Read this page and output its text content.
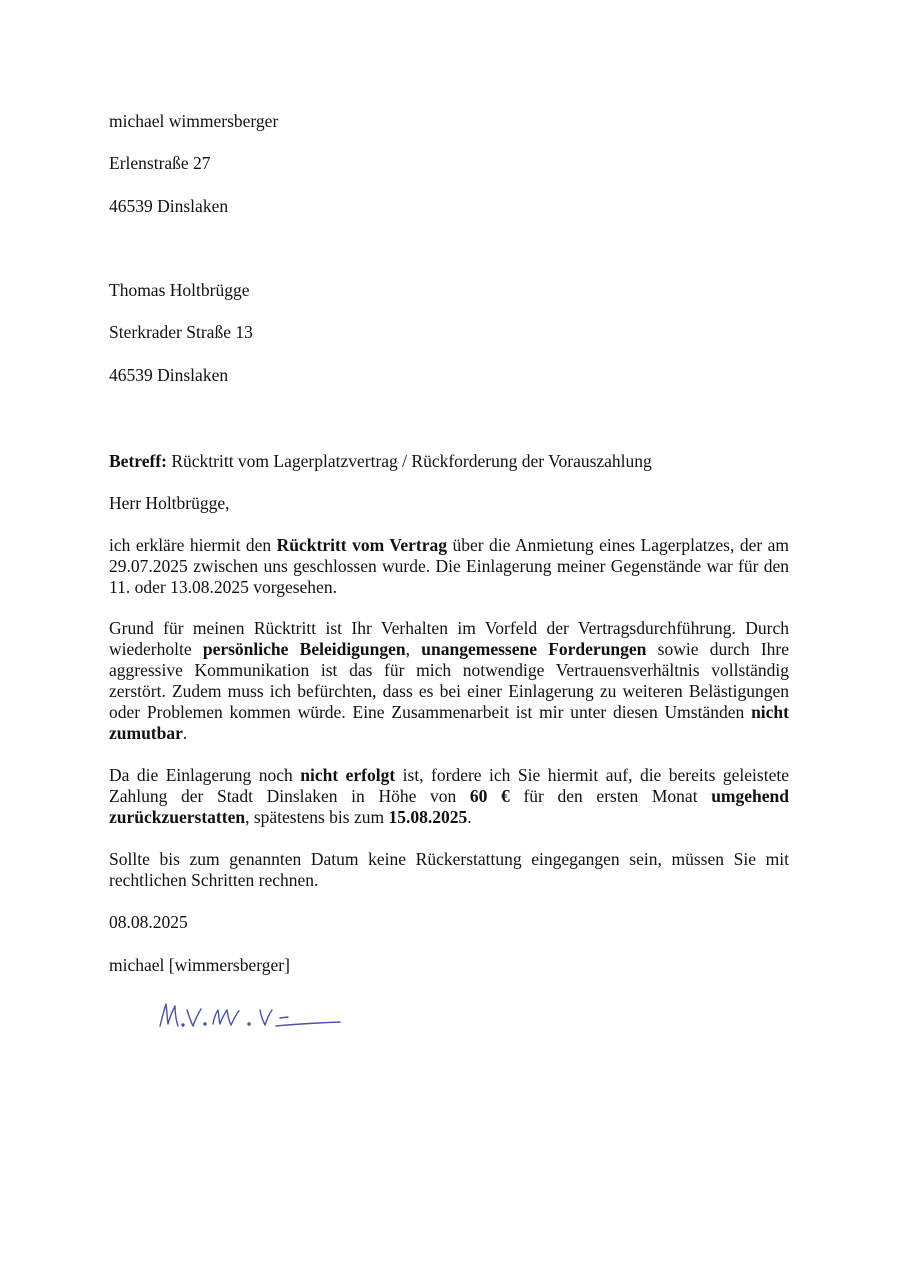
michael wimmersberger
Erlenstraße 27
46539 Dinslaken
Thomas Holtbrügge
Sterkrader Straße 13
46539 Dinslaken
Betreff: Rücktritt vom Lagerplatzvertrag / Rückforderung der Vorauszahlung
Herr Holtbrügge,
ich erkläre hiermit den Rücktritt vom Vertrag über die Anmietung eines Lagerplatzes, der am 29.07.2025 zwischen uns geschlossen wurde. Die Einlagerung meiner Gegenstände war für den 11. oder 13.08.2025 vorgesehen.
Grund für meinen Rücktritt ist Ihr Verhalten im Vorfeld der Vertragsdurchführung. Durch wiederholte persönliche Beleidigungen, unangemessene Forderungen sowie durch Ihre aggressive Kommunikation ist das für mich notwendige Vertrauensverhältnis vollständig zerstört. Zudem muss ich befürchten, dass es bei einer Einlagerung zu weiteren Belästigungen oder Problemen kommen würde. Eine Zusammenarbeit ist mir unter diesen Umständen nicht zumutbar.
Da die Einlagerung noch nicht erfolgt ist, fordere ich Sie hiermit auf, die bereits geleistete Zahlung der Stadt Dinslaken in Höhe von 60 € für den ersten Monat umgehend zurückzuerstatten, spätestens bis zum 15.08.2025.
Sollte bis zum genannten Datum keine Rückerstattung eingegangen sein, müssen Sie mit rechtlichen Schritten rechnen.
08.08.2025
michael [wimmersberger]
